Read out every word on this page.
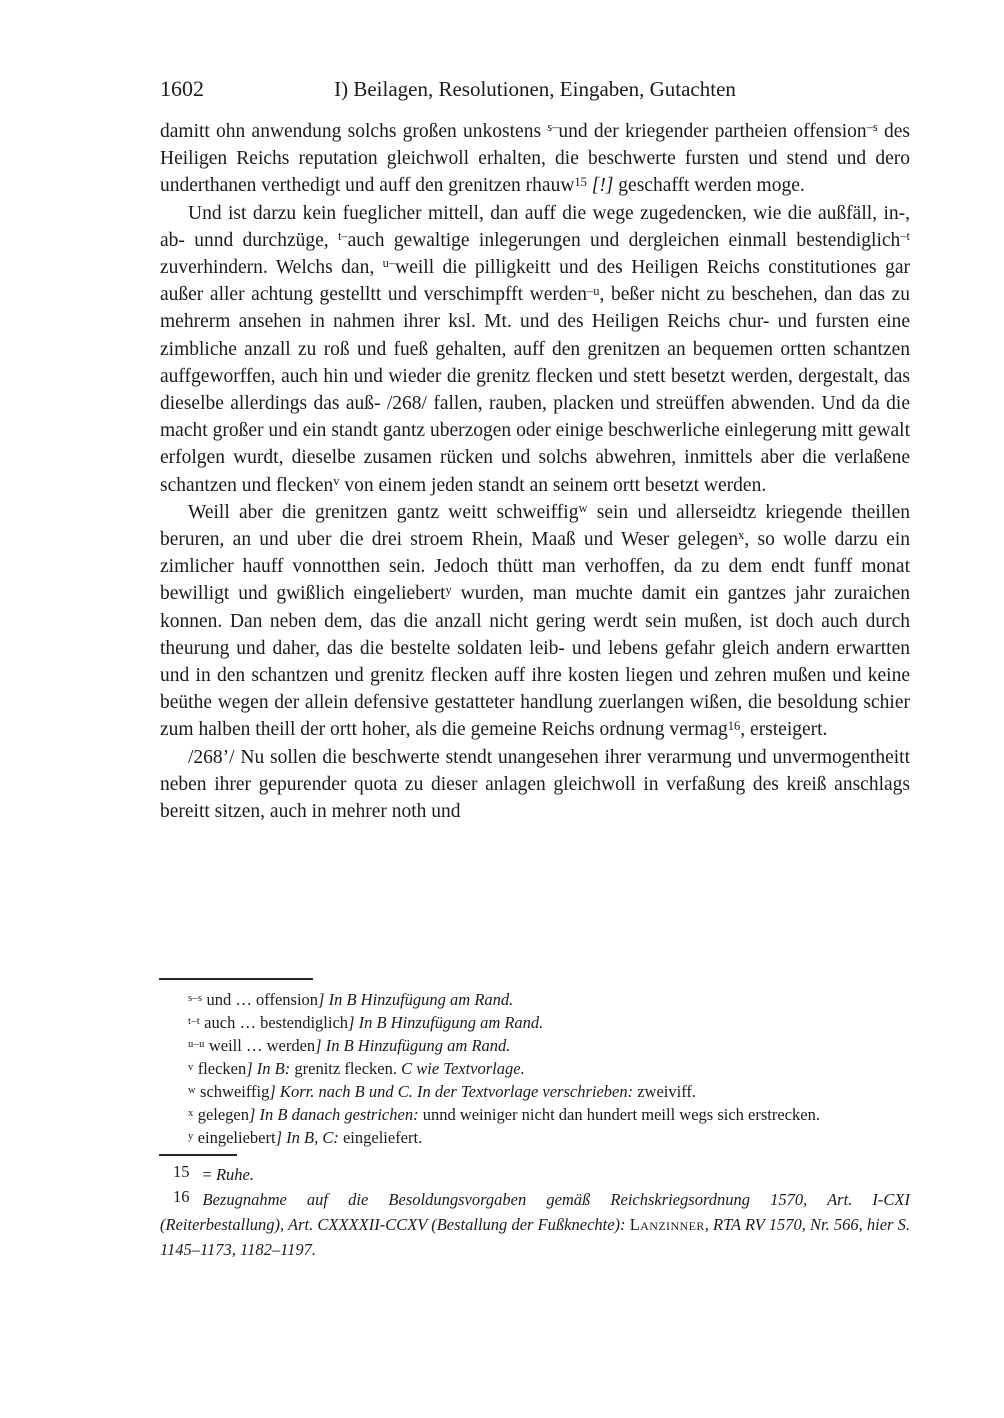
1602	I) Beilagen, Resolutionen, Eingaben, Gutachten

damitt ohn anwendung solchs großen unkostens $^{s-}$und der kriegender partheien offension$^{-s}$ des Heiligen Reichs reputation gleichwoll erhalten, die beschwerte fursten und stend und dero underthanen verthedigt und auff den grenitzen rhauw$^{15}$ [!] geschafft werden moge.

Und ist darzu kein fueglicher mittell, dan auff die wege zugedencken, wie die außfäll, in-, ab- unnd durchzüge, $^{t-}$auch gewaltige inlegerungen und dergleichen einmall bestendiglich$^{-t}$ zuverhindern. Welchs dan, $^{u-}$weill die pilligkeitt und des Heiligen Reichs constitutiones gar außer aller achtung gestelltt und verschimpfft werden$^{-u}$, beßer nicht zu beschehen, dan das zu mehrerm ansehen in nahmen ihrer ksl. Mt. und des Heiligen Reichs chur- und fursten eine zimbliche anzall zu roß und fueß gehalten, auff den grenitzen an bequemen ortten schantzen auffgeworffen, auch hin und wieder die grenitz flecken und stett besetzt werden, dergestalt, das dieselbe allerdings das auß- /268/ fallen, rauben, placken und streüffen abwenden. Und da die macht großer und ein standt gantz uberzogen oder einige beschwerliche einlegerung mitt gewalt erfolgen wurdt, dieselbe zusamen rücken und solchs abwehren, inmittels aber die verlaßene schantzen und flecken$^v$ von einem jeden standt an seinem ortt besetzt werden.

Weill aber die grenitzen gantz weitt schweiffig$^w$ sein und allerseidtz kriegende theillen beruren, an und uber die drei stroem Rhein, Maaß und Weser gelegen$^x$, so wolle darzu ein zimlicher hauff vonnotthen sein. Jedoch thütt man verhoffen, da zu dem endt funff monat bewilligt und gwißlich eingeliebert$^y$ wurden, man muchte damit ein gantzes jahr zuraichen konnen. Dan neben dem, das die anzall nicht gering werdt sein mußen, ist doch auch durch theurung und daher, das die bestelte soldaten leib- und lebens gefahr gleich andern erwartten und in den schantzen und grenitz flecken auff ihre kosten liegen und zehren mußen und keine beüthe wegen der allein defensive gestatteter handlung zuerlangen wißen, die besoldung schier zum halben theill der ortt hoher, als die gemeine Reichs ordnung vermag$^{16}$, ersteigert.

/268’/ Nu sollen die beschwerte stendt unangesehen ihrer verarmung und unvermogentheitt neben ihrer gepurender quota zu dieser anlagen gleichwoll in verfaßung des kreiß anschlags bereitt sitzen, auch in mehrer noth und

$^{s-s}$ und … offension] In B Hinzufügung am Rand.

$^{t-t}$ auch … bestendiglich] In B Hinzufügung am Rand.

$^{u-u}$ weill … werden] In B Hinzufügung am Rand.

$^v$ flecken] In B: grenitz flecken. C wie Textvorlage.

$^w$ schweiffig] Korr. nach B und C. In der Textvorlage verschrieben: zweiviff.

$^x$ gelegen] In B danach gestrichen: unnd weiniger nicht dan hundert meill wegs sich erstrecken.

$^y$ eingeliebert] In B, C: eingeliefert.

15 = Ruhe.

16 Bezugnahme auf die Besoldungsvorgaben gemäß Reichskriegsordnung 1570, Art. I-CXI (Reiterbestallung), Art. CXXXXII-CCXV (Bestallung der Fußknechte): Lanzinner, RTA RV 1570, Nr. 566, hier S. 1145–1173, 1182–1197.
